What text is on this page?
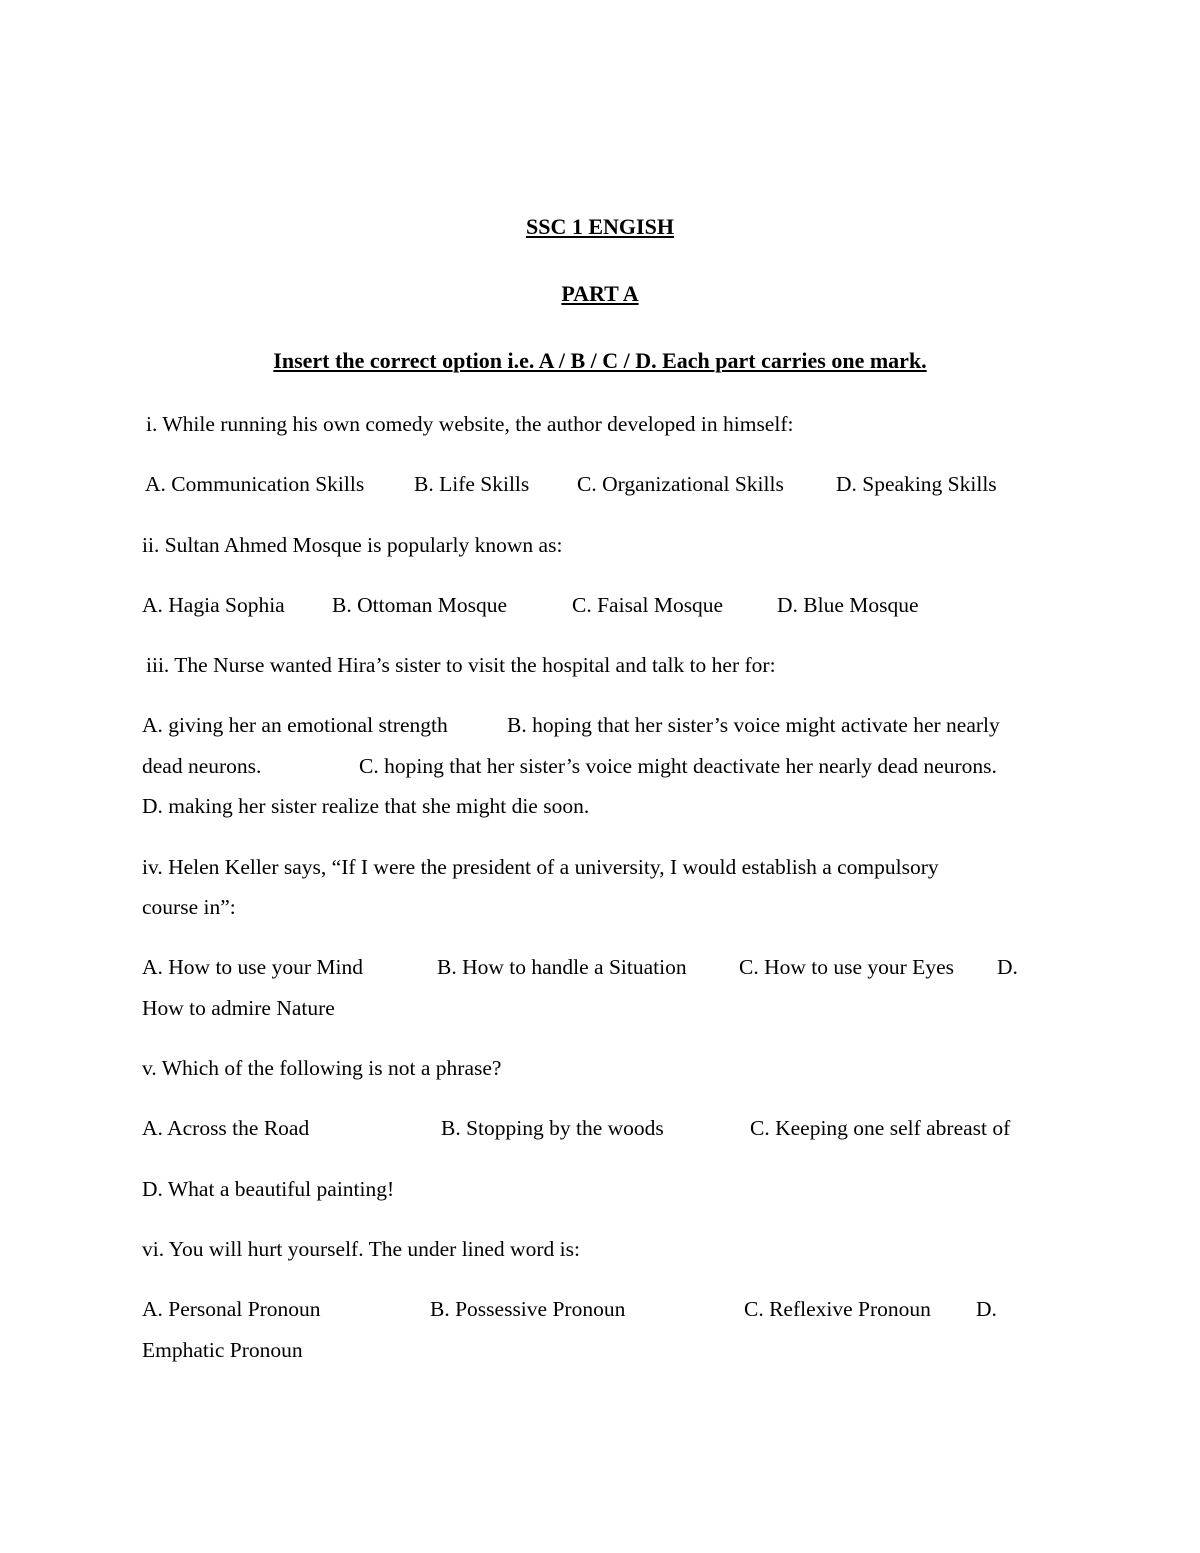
SSC 1 ENGISH
PART A
Insert the correct option i.e. A / B / C / D. Each part carries one mark.
i. While running his own comedy website, the author developed in himself:
A. Communication Skills B. Life Skills C. Organizational Skills D. Speaking Skills
ii. Sultan Ahmed Mosque is popularly known as:
A. Hagia Sophia B. Ottoman Mosque	C. Faisal Mosque	D. Blue Mosque
iii. The Nurse wanted Hira’s sister to visit the hospital and talk to her for:
A. giving her an emotional strength	B. hoping that her sister’s voice might activate her nearly
dead neurons.	C. hoping that her sister’s voice might deactivate her nearly dead neurons.
D. making her sister realize that she might die soon.
iv. Helen Keller says, “If I were the president of a university, I would establish a compulsory
course in”:
A. How to use your Mind	B. How to handle a Situation C. How to use your Eyes D.
How to admire Nature
v. Which of the following is not a phrase?
A. Across the Road	B. Stopping by the woods	C. Keeping one self abreast of
D. What a beautiful painting!
vi. You will hurt yourself. The under lined word is:
A. Personal Pronoun	B. Possessive Pronoun	C. Reflexive Pronoun D.
Emphatic Pronoun
